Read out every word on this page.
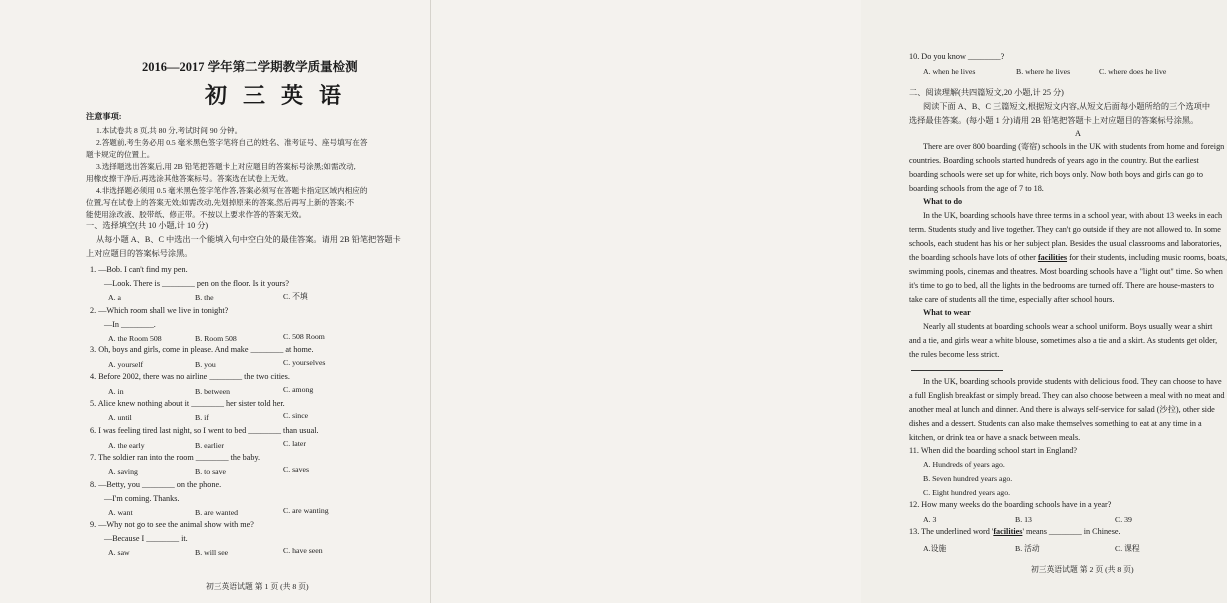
2016—2017 学年第二学期教学质量检测
初三英语
注意事项:
1.本试卷共 8 页,共 80 分,考试时间 90 分钟。
2.答题前,考生务必用 0.5 毫米黑色签字笔将自己的姓名、准考证号、座号填写在答
题卡规定的位置上。
3.选择题选出答案后,用 2B 铅笔把答题卡上对应题目的答案标号涂黑;如需改动,
用橡皮擦干净后,再选涂其他答案标号。答案选在试卷上无效。
4.非选择题必须用 0.5 毫米黑色签字笔作答,答案必须写在答题卡指定区域内相应的
位置,写在试卷上的答案无效;如需改动,先划掉原来的答案,然后再写上新的答案;不
能使用涂改液、胶带纸、修正带。不按以上要求作答的答案无效。
一、选择填空(共 10 小题,计 10 分)
从每小题 A、B、C 中选出一个能填入句中空白处的最佳答案。请用 2B 铅笔把答题卡
上对应题目的答案标号涂黑。
1. —Bob. I can't find my pen.
—Look. There is ________ pen on the floor. Is it yours?
A. a	B. the	C. 不填
2. —Which room shall we live in tonight?
—In ________.
A. the Room 508	B. Room 508	C. 508 Room
3. Oh, boys and girls, come in please. And make ________ at home.
A. yourself	B. you	C. yourselves
4. Before 2002, there was no airline ________ the two cities.
A. in	B. between	C. among
5. Alice knew nothing about it ________ her sister told her.
A. until	B. if	C. since
6. I was feeling tired last night, so I went to bed ________ than usual.
A. the early	B. earlier	C. later
7. The soldier ran into the room ________ the baby.
A. saving	B. to save	C. saves
8. —Betty, you ________ on the phone.
—I'm coming. Thanks.
A. want	B. are wanted	C. are wanting
9. —Why not go to see the animal show with me?
—Because I ________ it.
A. saw	B. will see	C. have seen
初三英语试题 第 1 页 (共 8 页)
10. Do you know ________?
A. when he lives	B. where he lives	C. where does he live
二、阅读理解(共四篇短文,20 小题,计 25 分)
阅读下面 A、B、C 三篇短文,根据短文内容,从短文后面每小题所给的三个选项中
选择最佳答案。(每小题 1 分)请用 2B 铅笔把答题卡上对应题目的答案标号涂黑。
A
There are over 800 boarding (寄宿) schools in the UK with students from home and foreign
countries. Boarding schools started hundreds of years ago in the country. But the earliest
boarding schools were set up for white, rich boys only. Now both boys and girls can go to
boarding schools from the age of 7 to 18.
What to do
In the UK, boarding schools have three terms in a school year, with about 13 weeks in each
term. Students study and live together. They can't go outside if they are not allowed to. In some
schools, each student has his or her subject plan. Besides the usual classrooms and laboratories,
the boarding schools have lots of other facilities for their students, including music rooms, boats,
swimming pools, cinemas and theatres. Most boarding schools have a "light out" time. So when
it's time to go to bed, all the lights in the bedrooms are turned off. There are house-masters to
take care of students all the time, especially after school hours.
What to wear
Nearly all students at boarding schools wear a school uniform. Boys usually wear a shirt
and a tie, and girls wear a white blouse, sometimes also a tie and a skirt. As students get older,
the rules become less strict.
In the UK, boarding schools provide students with delicious food. They can choose to have
a full English breakfast or simply bread. They can also choose between a meal with no meat and
another meal at lunch and dinner. And there is always self-service for salad (沙拉), other side
dishes and a dessert. Students can also make themselves something to eat at any time in a
kitchen, or drink tea or have a snack between meals.
11. When did the boarding school start in England?
A. Hundreds of years ago.
B. Seven hundred years ago.
C. Eight hundred years ago.
12. How many weeks do the boarding schools have in a year?
A. 3	B. 13	C. 39
13. The underlined word 'facilities' means ________ in Chinese.
A.设施	B. 活动	C. 课程
初三英语试题 第 2 页 (共 8 页)
